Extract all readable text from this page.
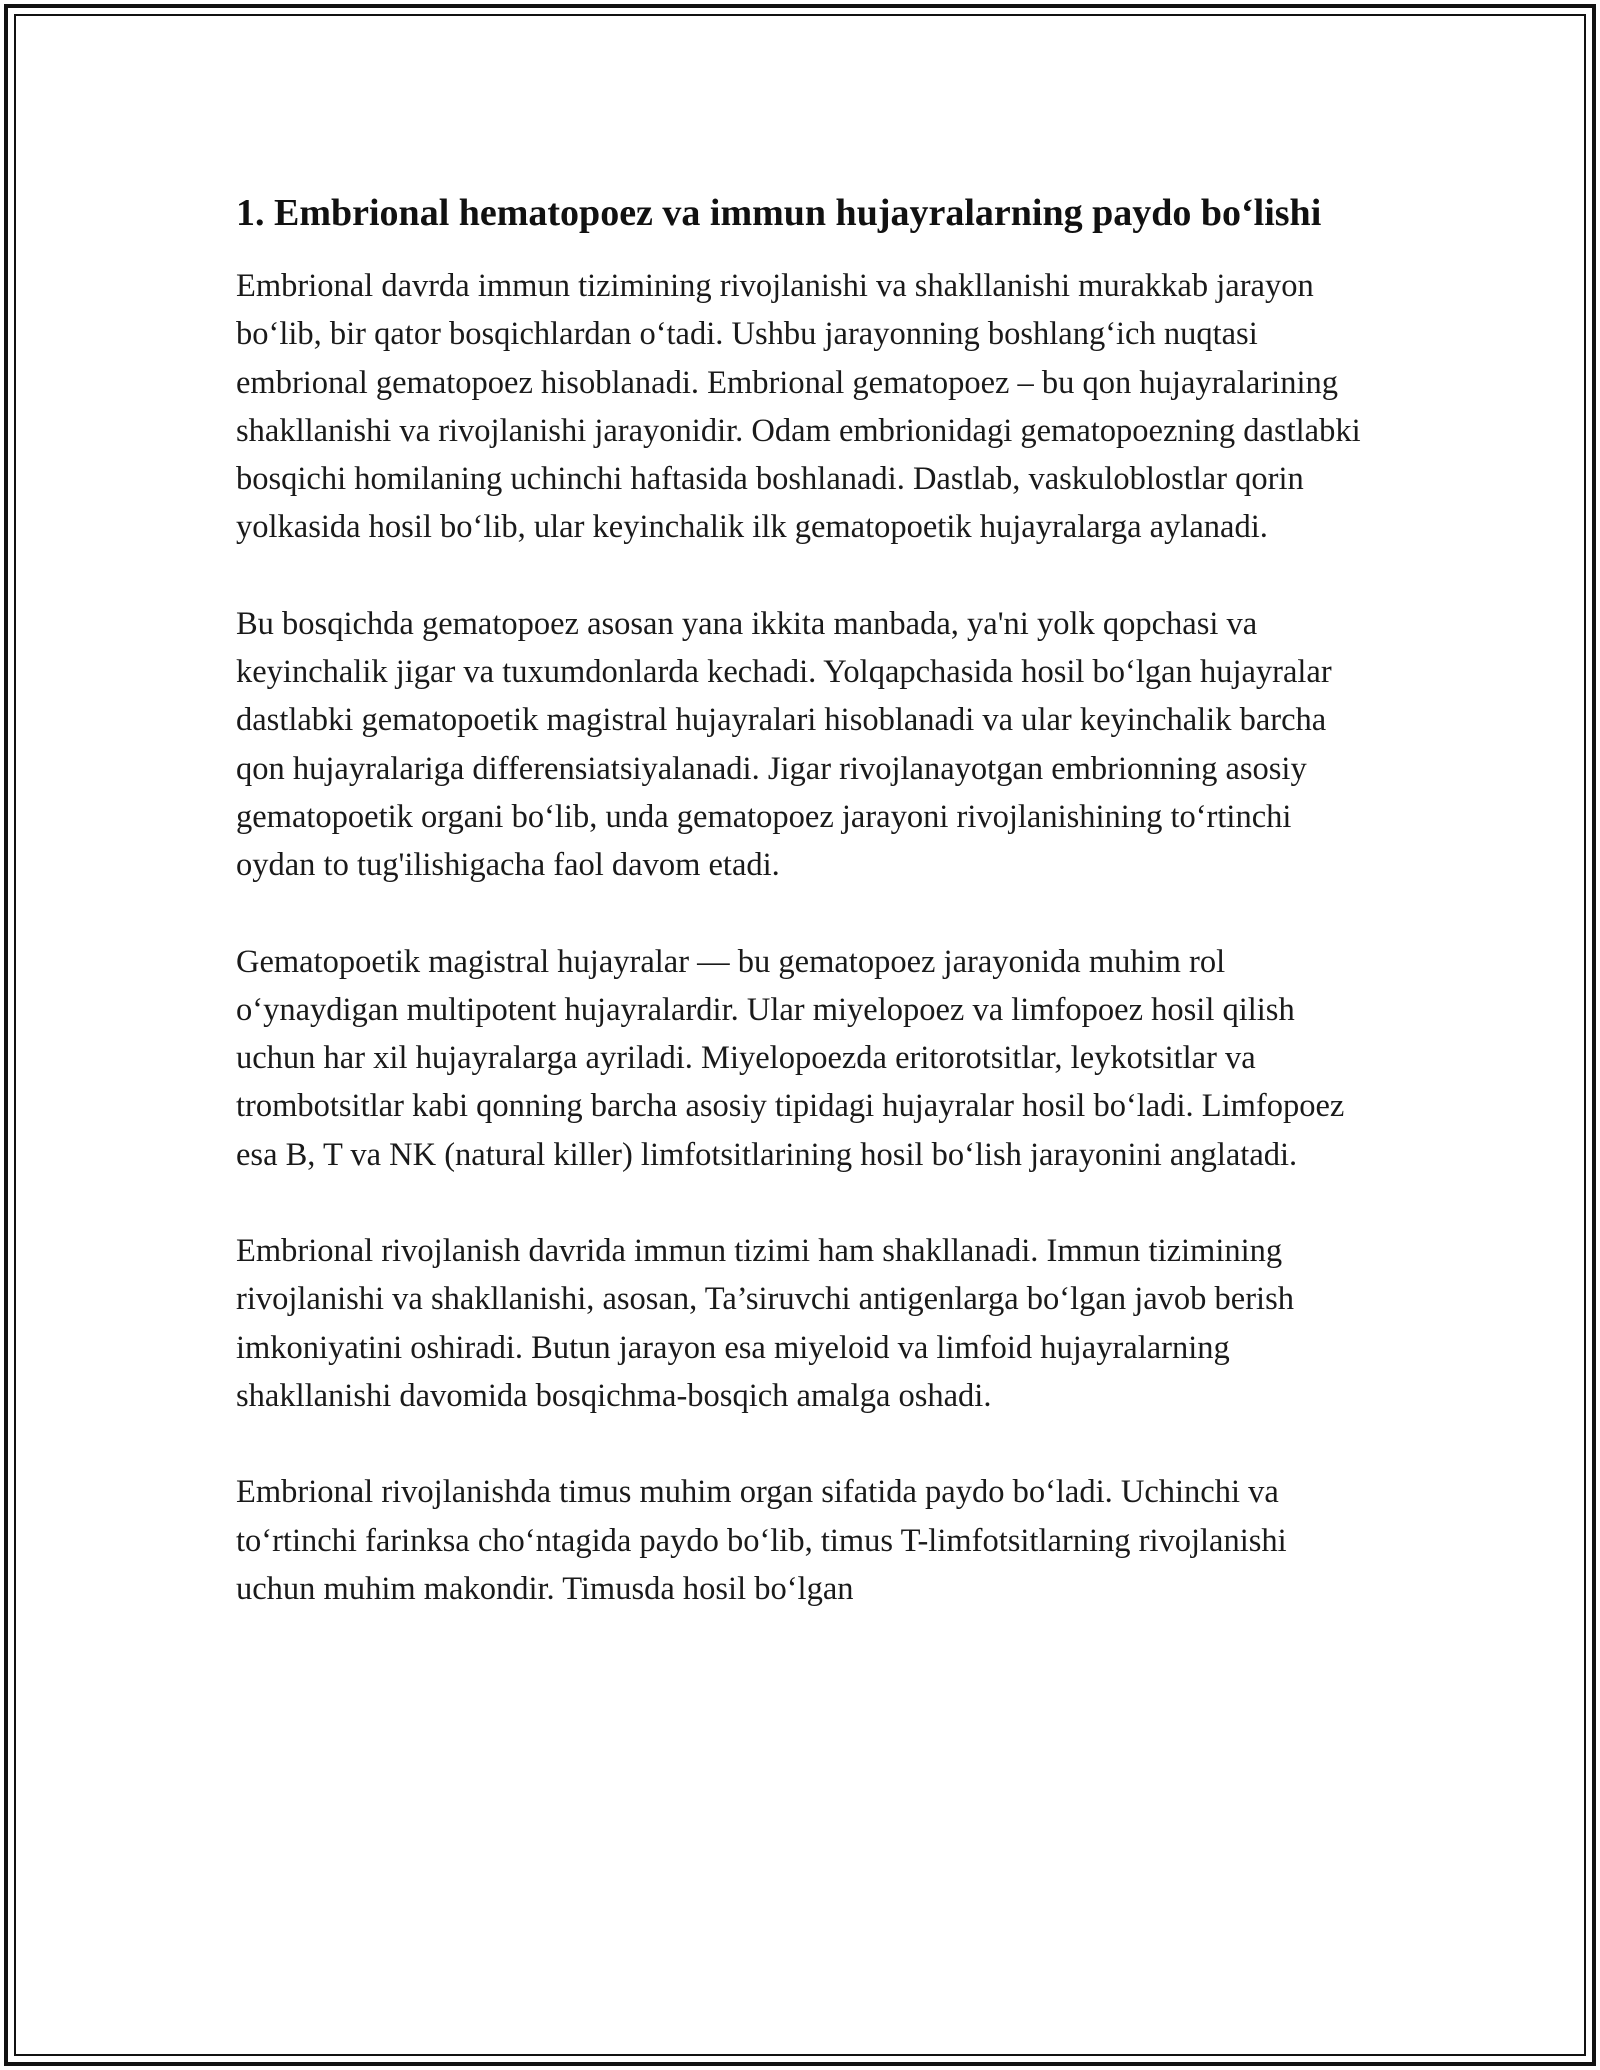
1. Embrional hematopoez va immun hujayralarning paydo bo‘lishi

Embrional davrda immun tizimining rivojlanishi va shakllanishi murakkab jarayon bo‘lib, bir qator bosqichlardan o‘tadi. Ushbu jarayonning boshlang‘ich nuqtasi embrional gematopoez hisoblanadi. Embrional gematopoez – bu qon hujayralarining shakllanishi va rivojlanishi jarayonidir. Odam embrionidagi gematopoezning dastlabki bosqichi homilaning uchinchi haftasida boshlanadi. Dastlab, vaskuloblostlar qorin yolkasida hosil bo‘lib, ular keyinchalik ilk gematopoetik hujayralarga aylanadi.

Bu bosqichda gematopoez asosan yana ikkita manbada, ya'ni yolk qopchasi va keyinchalik jigar va tuxumdonlarda kechadi. Yolqapchasida hosil bo‘lgan hujayralar dastlabki gematopoetik magistral hujayralari hisoblanadi va ular keyinchalik barcha qon hujayralariga differensiatsiyalanadi. Jigar rivojlanayotgan embrionning asosiy gematopoetik organi bo‘lib, unda gematopoez jarayoni rivojlanishining to‘rtinchi oydan to tug'ilishigacha faol davom etadi.

Gematopoetik magistral hujayralar — bu gematopoez jarayonida muhim rol o‘ynaydigan multipotent hujayralardir. Ular miyelopoez va limfopoez hosil qilish uchun har xil hujayralarga ayriladi. Miyelopoezda eritorotsitlar, leykotsitlar va trombotsitlar kabi qonning barcha asosiy tipidagi hujayralar hosil bo‘ladi. Limfopoez esa B, T va NK (natural killer) limfotsitlarining hosil bo‘lish jarayonini anglatadi.

Embrional rivojlanish davrida immun tizimi ham shakllanadi. Immun tizimining rivojlanishi va shakllanishi, asosan, Ta’siruvchi antigenlarga bo‘lgan javob berish imkoniyatini oshiradi. Butun jarayon esa miyeloid va limfoid hujayralarning shakllanishi davomida bosqichma-bosqich amalga oshadi.

Embrional rivojlanishda timus muhim organ sifatida paydo bo‘ladi. Uchinchi va to‘rtinchi farinksa cho‘ntagida paydo bo‘lib, timus T-limfotsitlarning rivojlanishi uchun muhim makondir. Timusda hosil bo‘lgan
